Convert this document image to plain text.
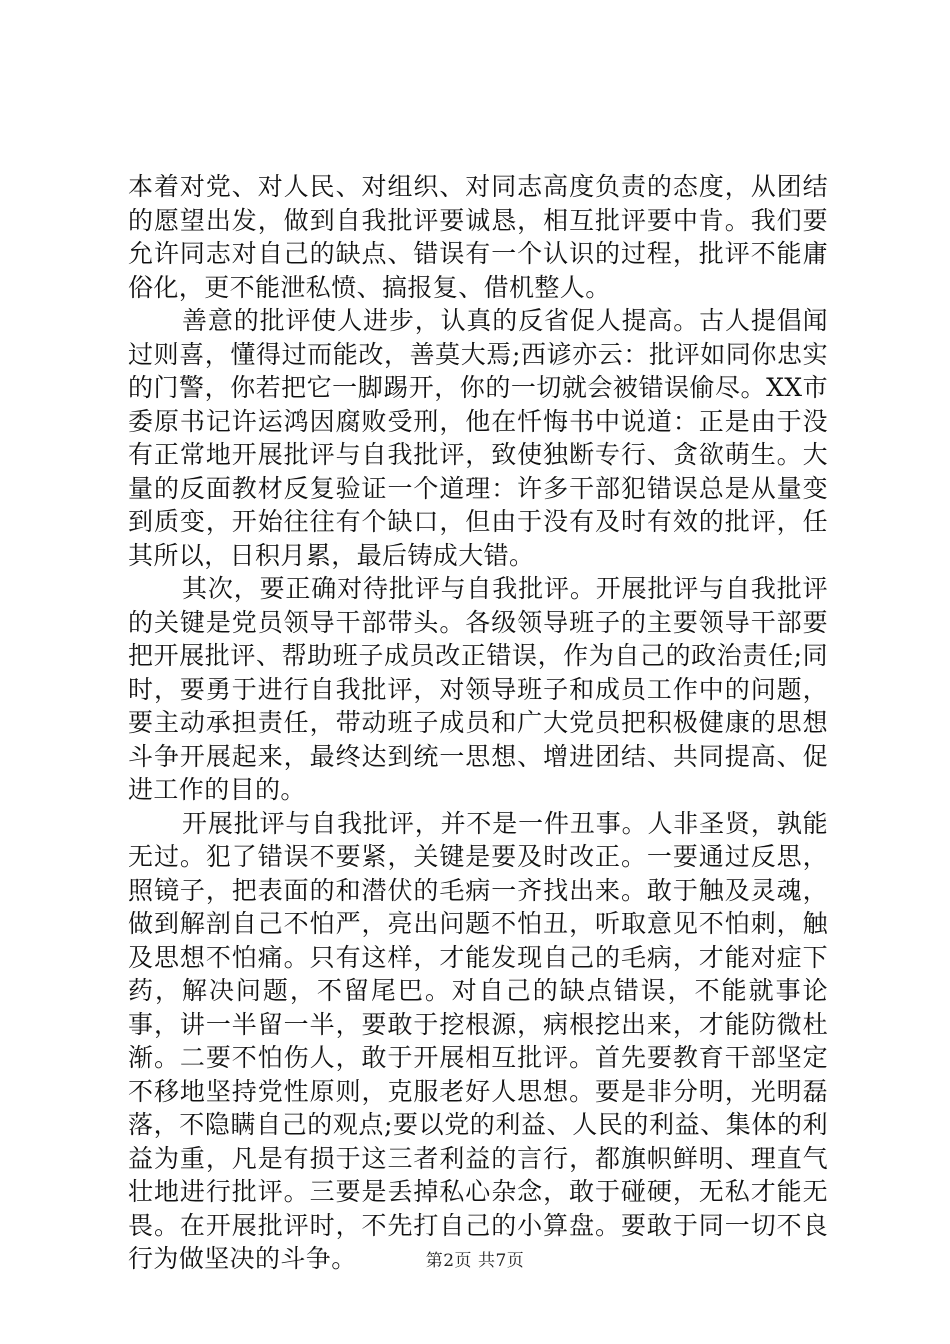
本着对党、对人民、对组织、对同志高度负责的态度，从团结的愿望出发，做到自我批评要诚恳，相互批评要中肯。我们要允许同志对自己的缺点、错误有一个认识的过程，批评不能庸俗化，更不能泄私愤、搞报复、借机整人。

善意的批评使人进步，认真的反省促人提高。古人提倡闻过则喜，懂得过而能改，善莫大焉;西谚亦云：批评如同你忠实的门警，你若把它一脚踢开，你的一切就会被错误偷尽。XX市委原书记许运鸿因腐败受刑，他在忏悔书中说道：正是由于没有正常地开展批评与自我批评，致使独断专行、贪欲萌生。大量的反面教材反复验证一个道理：许多干部犯错误总是从量变到质变，开始往往有个缺口，但由于没有及时有效的批评，任其所以，日积月累，最后铸成大错。

其次，要正确对待批评与自我批评。开展批评与自我批评的关键是党员领导干部带头。各级领导班子的主要领导干部要把开展批评、帮助班子成员改正错误，作为自己的政治责任;同时，要勇于进行自我批评，对领导班子和成员工作中的问题，要主动承担责任，带动班子成员和广大党员把积极健康的思想斗争开展起来，最终达到统一思想、增进团结、共同提高、促进工作的目的。

开展批评与自我批评，并不是一件丑事。人非圣贤，孰能无过。犯了错误不要紧，关键是要及时改正。一要通过反思，照镜子，把表面的和潜伏的毛病一齐找出来。敢于触及灵魂，做到解剖自己不怕严，亮出问题不怕丑，听取意见不怕刺，触及思想不怕痛。只有这样，才能发现自己的毛病，才能对症下药，解决问题，不留尾巴。对自己的缺点错误，不能就事论事，讲一半留一半，要敢于挖根源，病根挖出来，才能防微杜渐。二要不怕伤人，敢于开展相互批评。首先要教育干部坚定不移地坚持党性原则，克服老好人思想。要是非分明，光明磊落，不隐瞒自己的观点;要以党的利益、人民的利益、集体的利益为重，凡是有损于这三者利益的言行，都旗帜鲜明、理直气壮地进行批评。三要是丢掉私心杂念，敢于碰硬，无私才能无畏。在开展批评时，不先打自己的小算盘。要敢于同一切不良行为做坚决的斗争。	第2页 共7页
